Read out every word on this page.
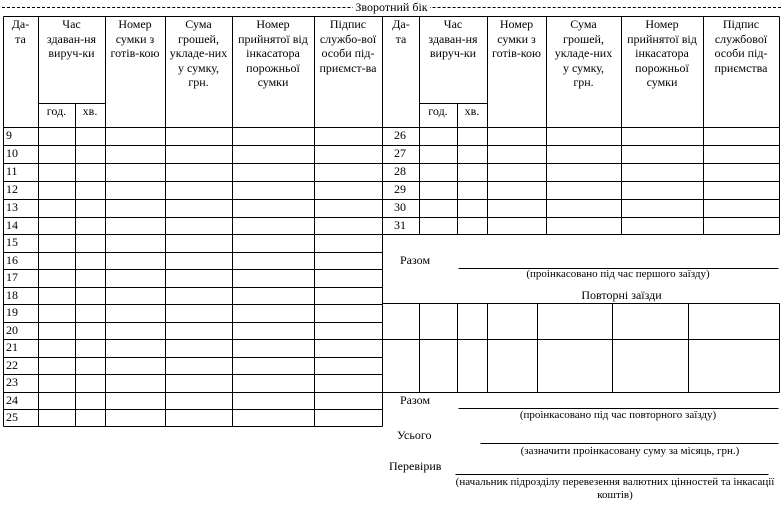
Зворотний бік
Да-та
Час здаван-ня вируч-ки
Номер сумки з готів-кою
Сума грошей, укладе-них у сумку, грн.
Номер прийнятої від інкасатора порожньої сумки
Підпис службо-вої особи під-приємст-ва
год. хв.
Да-та
Час здаван-ня вируч-ки
Номер сумки з готів-кою
Сума грошей, укладе-них у сумку, грн.
Номер прийнятої від інкасатора порожньої сумки
Підпис службової особи під-приємства
год. хв.
9
10
11
12
13
14
15
16
17
18
19
20
21
22
23
24
25
26
27
28
29
30
31
Разом
(проінкасовано під час першого заїзду)
Повторні заїзди
Разом
(проінкасовано під час повторного заїзду)
Усього
(зазначити проінкасовану суму за місяць, грн.)
Перевірив
(начальник підрозділу перевезення валютних цінностей та інкасації коштів)
